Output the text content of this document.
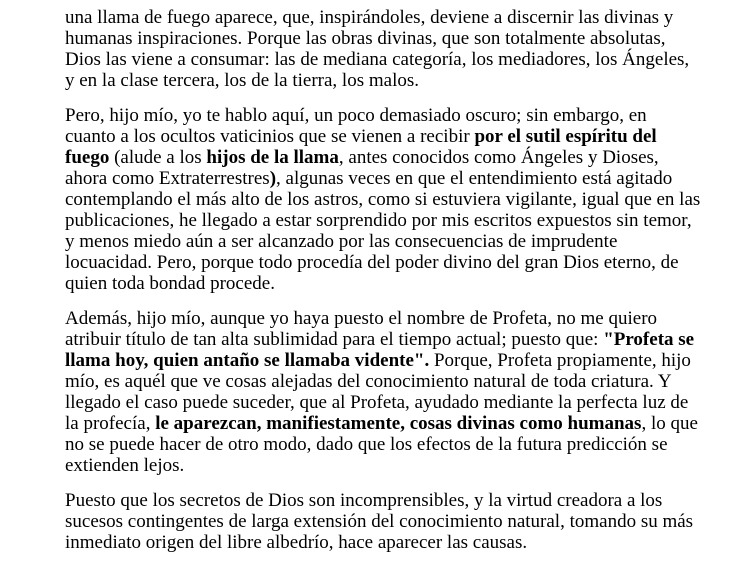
una llama de fuego aparece, que, inspirándoles, deviene a discernir las divinas y humanas inspiraciones. Porque las obras divinas, que son totalmente absolutas, Dios las viene a consumar: las de mediana categoría, los mediadores, los Ángeles, y en la clase tercera, los de la tierra, los malos.

Pero, hijo mío, yo te hablo aquí, un poco demasiado oscuro; sin embargo, en cuanto a los ocultos vaticinios que se vienen a recibir por el sutil espíritu del fuego (alude a los hijos de la llama, antes conocidos como Ángeles y Dioses, ahora como Extraterrestres), algunas veces en que el entendimiento está agitado contemplando el más alto de los astros, como si estuviera vigilante, igual que en las publicaciones, he llegado a estar sorprendido por mis escritos expuestos sin temor, y menos miedo aún a ser alcanzado por las consecuencias de imprudente locuacidad. Pero, porque todo procedía del poder divino del gran Dios eterno, de quien toda bondad procede.

Además, hijo mío, aunque yo haya puesto el nombre de Profeta, no me quiero atribuir título de tan alta sublimidad para el tiempo actual; puesto que: "Profeta se llama hoy, quien antaño se llamaba vidente". Porque, Profeta propiamente, hijo mío, es aquél que ve cosas alejadas del conocimiento natural de toda criatura. Y llegado el caso puede suceder, que al Profeta, ayudado mediante la perfecta luz de la profecía, le aparezcan, manifiestamente, cosas divinas como humanas, lo que no se puede hacer de otro modo, dado que los efectos de la futura predicción se extienden lejos.

Puesto que los secretos de Dios son incomprensibles, y la virtud creadora a los sucesos contingentes de larga extensión del conocimiento natural, tomando su más inmediato origen del libre albedrío, hace aparecer las causas.
